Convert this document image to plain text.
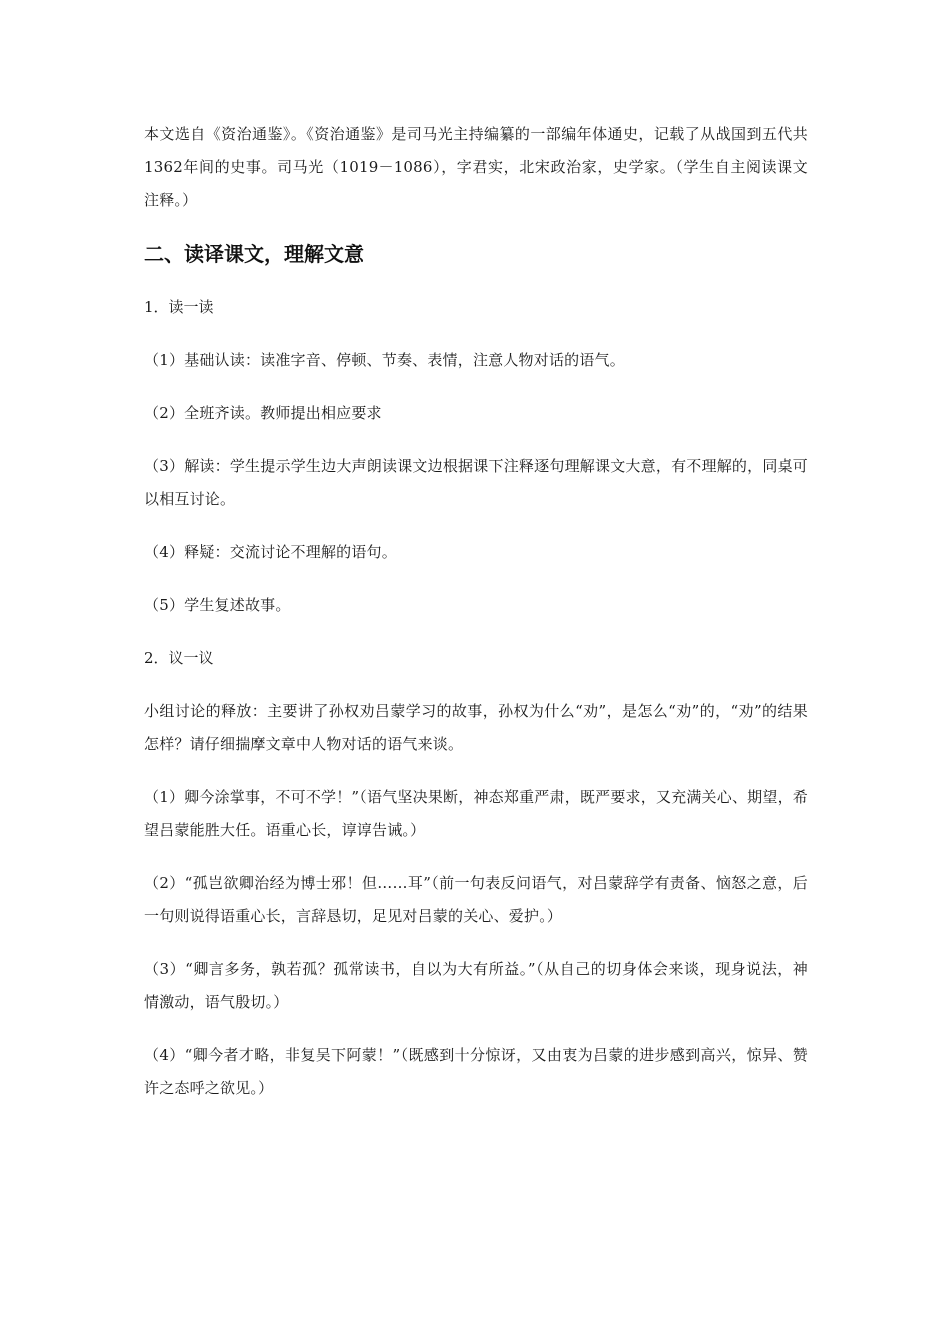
本文选自《资治通鉴》。《资治通鉴》是司马光主持编纂的一部编年体通史，记载了从战国到五代共1362年间的史事。司马光（1019－1086），字君实，北宋政治家，史学家。（学生自主阅读课文注释。）

二、读译课文，理解文意

1．读一读

（1）基础认读：读准字音、停顿、节奏、表情，注意人物对话的语气。

（2）全班齐读。教师提出相应要求

（3）解读：学生提示学生边大声朗读课文边根据课下注释逐句理解课文大意，有不理解的，同桌可以相互讨论。

（4）释疑：交流讨论不理解的语句。

（5）学生复述故事。

2．议一议

小组讨论的释放：主要讲了孙权劝吕蒙学习的故事，孙权为什么“劝”，是怎么“劝”的，“劝”的结果怎样？请仔细揣摩文章中人物对话的语气来谈。

（1）卿今涂掌事，不可不学！”（语气坚决果断，神态郑重严肃，既严要求，又充满关心、期望，希望吕蒙能胜大任。语重心长，谆谆告诫。）

（2）“孤岂欲卿治经为博士邪！但……耳”（前一句表反问语气，对吕蒙辞学有责备、恼怒之意，后一句则说得语重心长，言辞恳切，足见对吕蒙的关心、爱护。）

（3）“卿言多务，孰若孤？孤常读书，自以为大有所益。”（从自己的切身体会来谈，现身说法，神情激动，语气殷切。）

（4）“卿今者才略，非复吴下阿蒙！”（既感到十分惊讶，又由衷为吕蒙的进步感到高兴，惊异、赞许之态呼之欲见。）
